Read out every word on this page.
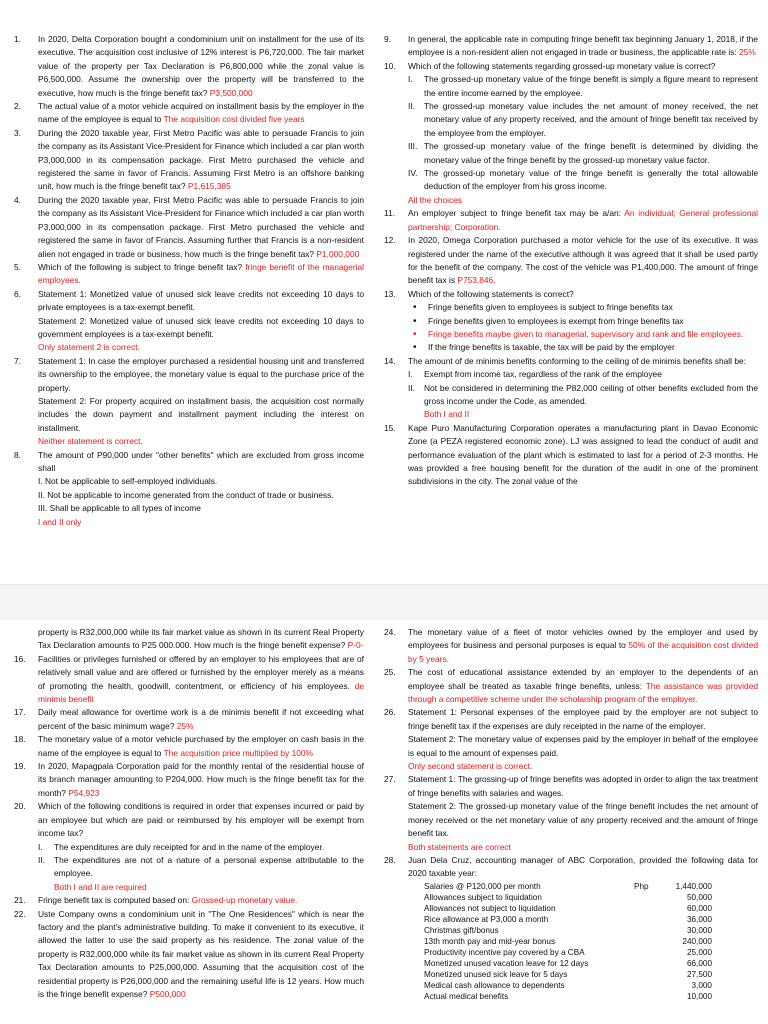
1.	In 2020, Delta Corporation bought a condominium unit on installment for the use of its executive. The acquisition cost inclusive of 12% interest is P6,720,000. The fair market value of the property per Tax Declaration is P6,800,000 while the zonal value is P6,500,000. Assume the ownership over the property will be transferred to the executive, how much is the fringe benefit tax? P3,500,000
2.	The actual value of a motor vehicle acquired on installment basis by the employer in the name of the employee is equal to The acquisition cost divided five years
3.	During the 2020 taxable year, First Metro Pacific was able to persuade Francis to join the company as its Assistant Vice-President for Finance which included a car plan worth P3,000,000 in its compensation package. First Metro purchased the vehicle and registered the same in favor of Francis. Assuming First Metro is an offshore banking unit, how much is the fringe benefit tax? P1,615,385
4.	During the 2020 taxable year, First Metro Pacific was able to persuade Francis to join the company as its Assistant Vice-President for Finance which included a car plan worth P3,000,000 in its compensation package. First Metro purchased the vehicle and registered the same in favor of Francis. Assuming further that Francis is a non-resident alien not engaged in trade or business, how much is the fringe benefit tax? P1,000,000
5.	Which of the following is subject to fringe benefit tax? fringe benefit of the managerial employees.
6.	Statement 1: Monetized value of unused sick leave credits not exceeding 10 days to private employees is a tax-exempt benefit.
Statement 2: Monetized value of unused sick leave credits not exceeding 10 days to government employees is a tax-exempt benefit.
Only statement 2 is correct.
7.	Statement 1: In case the employer purchased a residential housing unit and transferred its ownership to the employee, the monetary value is equal to the purchase price of the property.
Statement 2: For property acquired on installment basis, the acquisition cost normally includes the down payment and installment payment including the interest on installment.
Neither statement is correct.
8.	The amount of P90,000 under "other benefits" which are excluded from gross income shall
I. Not be applicable to self-employed individuals.
II. Not be applicable to income generated from the conduct of trade or business.
III. Shall be applicable to all types of income
I and II only
9.	In general, the applicable rate in computing fringe benefit tax beginning January 1, 2018, if the employee is a non-resident alien not engaged in trade or business, the applicable rate is: 25%
10.	Which of the following statements regarding grossed-up monetary value is correct?
I.	The grossed-up monetary value of the fringe benefit is simply a figure meant to represent the entire income earned by the employee.
II.	The grossed-up monetary value includes the net amount of money received, the net monetary value of any property received, and the amount of fringe benefit tax received by the employee from the employer.
III. The grossed-up monetary value of the fringe benefit is determined by dividing the monetary value of the fringe benefit by the grossed-up monetary value factor.
IV. The grossed-up monetary value of the fringe benefit is generally the total allowable deduction of the employer from his gross income.
All the choices
11.	An employer subject to fringe benefit tax may be a/an: An individual; General professional partnership; Corporation.
12.	In 2020, Omega Corporation purchased a motor vehicle for the use of its executive. It was registered under the name of the executive although it was agreed that it shall be used partly for the benefit of the company. The cost of the vehicle was P1,400,000. The amount of fringe benefit tax is P753,846.
13.	Which of the following statements is correct?
• Fringe benefits given to employees is subject to fringe benefits tax
• Fringe benefits given to employees is exempt from fringe benefits tax
• Fringe benefits maybe given to managerial, supervisory and rank and file employees.
• If the fringe benefits is taxable, the tax will be paid by the employer
14.	The amount of de minimis benefits conforming to the ceiling of de minimis benefits shall be:
I.	Exempt from income tax, regardless of the rank of the employee
II.	Not be considered in determining the P82,000 ceiling of other benefits excluded from the gross income under the Code, as amended.
Both I and II
15.	Kape Puro Manufacturing Corporation operates a manufacturing plant in Davao Economic Zone (a PEZA registered economic zone). LJ was assigned to lead the conduct of audit and performance evaluation of the plant which is estimated to last for a period of 2-3 months. He was provided a free housing benefit for the duration of the audit in one of the prominent subdivisions in the city. The zonal value of the
property is R32,000,000 while its fair market value as shown in its current Real Property Tax Declaration amounts to P25 000.000. How much is the fringe benefit expense? P-0-
16.	Facilities or privileges furnished or offered by an employer to his employees that are of relatively small value and are offered or furnished by the employer merely as a means of promoting the health, goodwill, contentment, or efficiency of his employees. de minimis benefit
17.	Daily meal allowance for overtime work is a de minimis benefit if not exceeding what percent of the basic minimum wage? 25%
18.	The monetary value of a motor vehicle purchased by the employer on cash basis in the name of the employee is equal to The acquisition price multiplied by 100%
19.	In 2020, Mapagpala Corporation paid for the monthly rental of the residential house of its branch manager amounting to P204,000. How much is the fringe benefit tax for the month? P54,923
20.	Which of the following conditions is required in order that expenses incurred or paid by an employee but which are paid or reimbursed by his employer will be exempt from income tax?
I.	The expenditures are duly receipted for and in the name of the employer.
II.	The expenditures are not of a nature of a personal expense attributable to the employee.
Both I and II are required
21.	Fringe benefit tax is computed based on: Grossed-up monetary value.
22.	Uste Company owns a condominium unit in "The One Residences" which is near the factory and the plant's administrative building. To make it convenient to its executive, it allowed the latter to use the said property as his residence. The zonal value of the property is R32,000,000 while its fair market value as shown in its current Real Property Tax Declaration amounts to P25,000,000. Assuming that the acquisition cost of the residential property is P26,000,000 and the remaining useful life is 12 years. How much is the fringe benefit expense? P500,000
24.	The monetary value of a fleet of motor vehicles owned by the employer and used by employees for business and personal purposes is equal to 50% of the acquisition cost divided by 5 years.
25.	The cost of educational assistance extended by an employer to the dependents of an employee shall be treated as taxable fringe benefits, unless: The assistance was provided through a competitive scheme under the scholarship program of the employer.
26.	Statement 1: Personal expenses of the employee paid by the employer are not subject to fringe benefit tax if the expenses are duly receipted in the name of the employer.
Statement 2: The monetary value of expenses paid by the employer in behalf of the employee is equal to the amount of expenses paid.
Only second statement is correct.
27.	Statement 1: The grossing-up of fringe benefits was adopted in order to align the tax treatment of fringe benefits with salaries and wages.
Statement 2: The grossed-up monetary value of the fringe benefit includes the net amount of money received or the net monetary value of any property received and the amount of fringe benefit tax.
Both statements are correct
28.	Juan Dela Cruz, accounting manager of ABC Corporation, provided the following data for 2020 taxable year:
Salaries @ P120,000 per month	Php	1,440,000
Allowances subject to liquidation		50,000
Allowances not subject to liquidation		60,000
Rice allowance at P3,000 a month		36,000
Christmas gift/bonus		30,000
13th month pay and mid-year bonus		240,000
Productivity incentive pay covered by a CBA		25,000
Monetized unused vacation leave for 12 days		66,000
Monetized unused sick leave for 5 days		27,500
Medical cash allowance to dependents		3,000
Actual medical benefits		10,000
